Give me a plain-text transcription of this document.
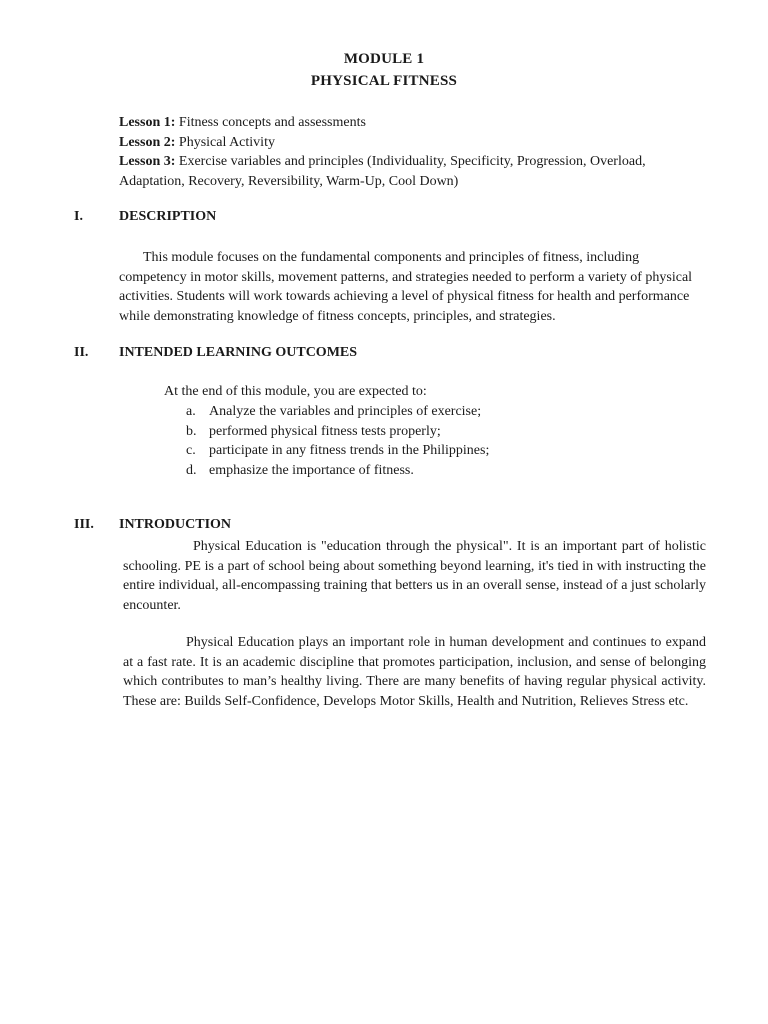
MODULE 1
PHYSICAL FITNESS
Lesson 1: Fitness concepts and assessments
Lesson 2: Physical Activity
Lesson 3: Exercise variables and principles (Individuality, Specificity, Progression, Overload, Adaptation, Recovery, Reversibility, Warm-Up, Cool Down)
I.	DESCRIPTION
This module focuses on the fundamental components and principles of fitness, including competency in motor skills, movement patterns, and strategies needed to perform a variety of physical activities. Students will work towards achieving a level of physical fitness for health and performance while demonstrating knowledge of fitness concepts, principles, and strategies.
II. INTENDED LEARNING OUTCOMES
At the end of this module, you are expected to:
a. Analyze the variables and principles of exercise;
b. performed physical fitness tests properly;
c. participate in any fitness trends in the Philippines;
d. emphasize the importance of fitness.
III. INTRODUCTION
Physical Education is "education through the physical". It is an important part of holistic schooling. PE is a part of school being about something beyond learning, it's tied in with instructing the entire individual, all-encompassing training that betters us in an overall sense, instead of a just scholarly encounter.
Physical Education plays an important role in human development and continues to expand at a fast rate. It is an academic discipline that promotes participation, inclusion, and sense of belonging which contributes to man’s healthy living. There are many benefits of having regular physical activity. These are: Builds Self-Confidence, Develops Motor Skills, Health and Nutrition, Relieves Stress etc.
